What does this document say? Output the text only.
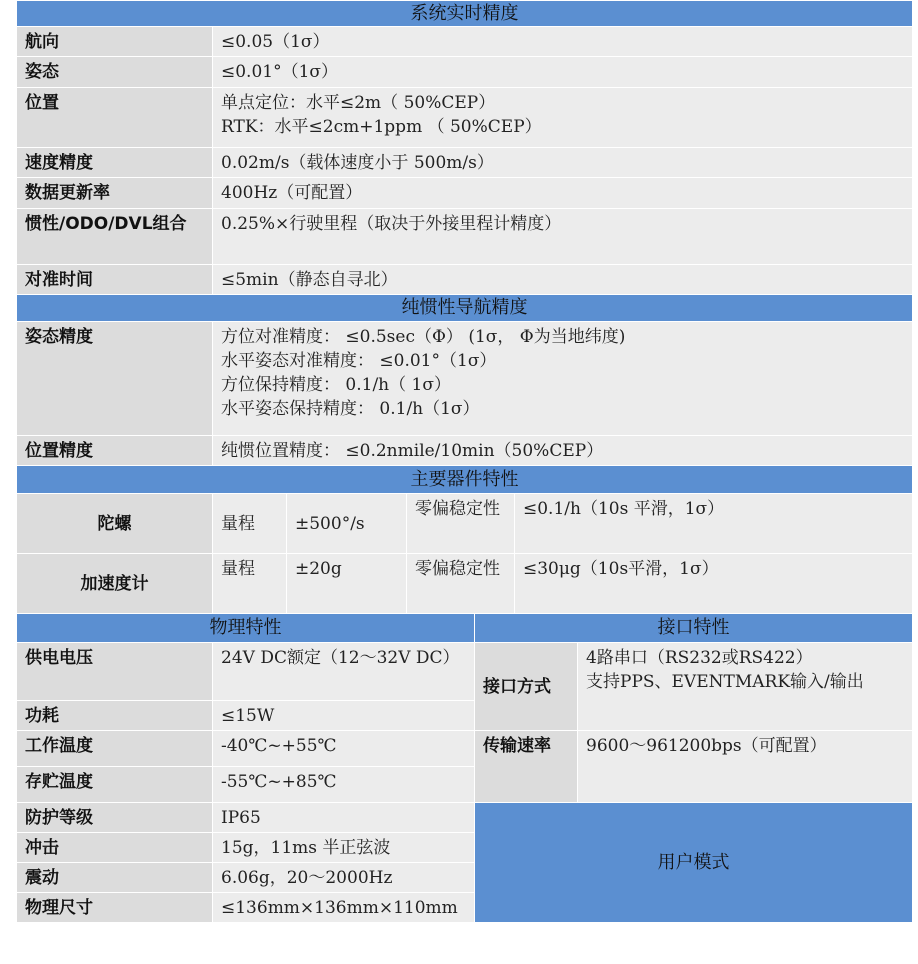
系统实时精度						
航向	≤0.05（1σ）					

姿态	≤0.01°（1σ）					

位置	单点定位：水平≤2m（ 50%CEP）
RTK：水平≤2cm+1ppm （ 50%CEP）					

速度精度	0.02m/s（载体速度小于 500m/s）					

数据更新率	400Hz（可配置）					

惯性/ODO/DVL组合	0.25%×行驶里程（取决于外接里程计精度）					

对准时间	≤5min（静态自寻北）					

纯惯性导航精度						
姿态精度	方位对准精度： ≤0.5sec（Φ） (1σ， Φ为当地纬度)
水平姿态对准精度： ≤0.01°（1σ）
方位保持精度： 0.1/h（ 1σ）
水平姿态保持精度： 0.1/h（1σ）					

位置精度	纯惯位置精度： ≤0.2nmile/10min（50%CEP）					

主要器件特性						
陀螺	量程	±500°/s	零偏稳定性		≤0.1/h（10s 平滑，1σ）	
加速度计	量程	±20g	零偏稳定性		≤30μg（10s平滑，1σ）	
物理特性				接口特性		
供电电压	24V DC额定（12～32V DC）			接口方式		4路串口（RS232或RS422）
支持PPS、EVENTMARK输入/输出

功耗	≤15W					
工作温度	-40℃~+55℃			传输速率		9600～961200bps（可配置）

存贮温度	-55℃~+85℃					
防护等级	IP65			用户模式		
冲击	15g，11ms 半正弦波					
震动	6.06g，20～2000Hz					
物理尺寸	≤136mm×136mm×110mm					
